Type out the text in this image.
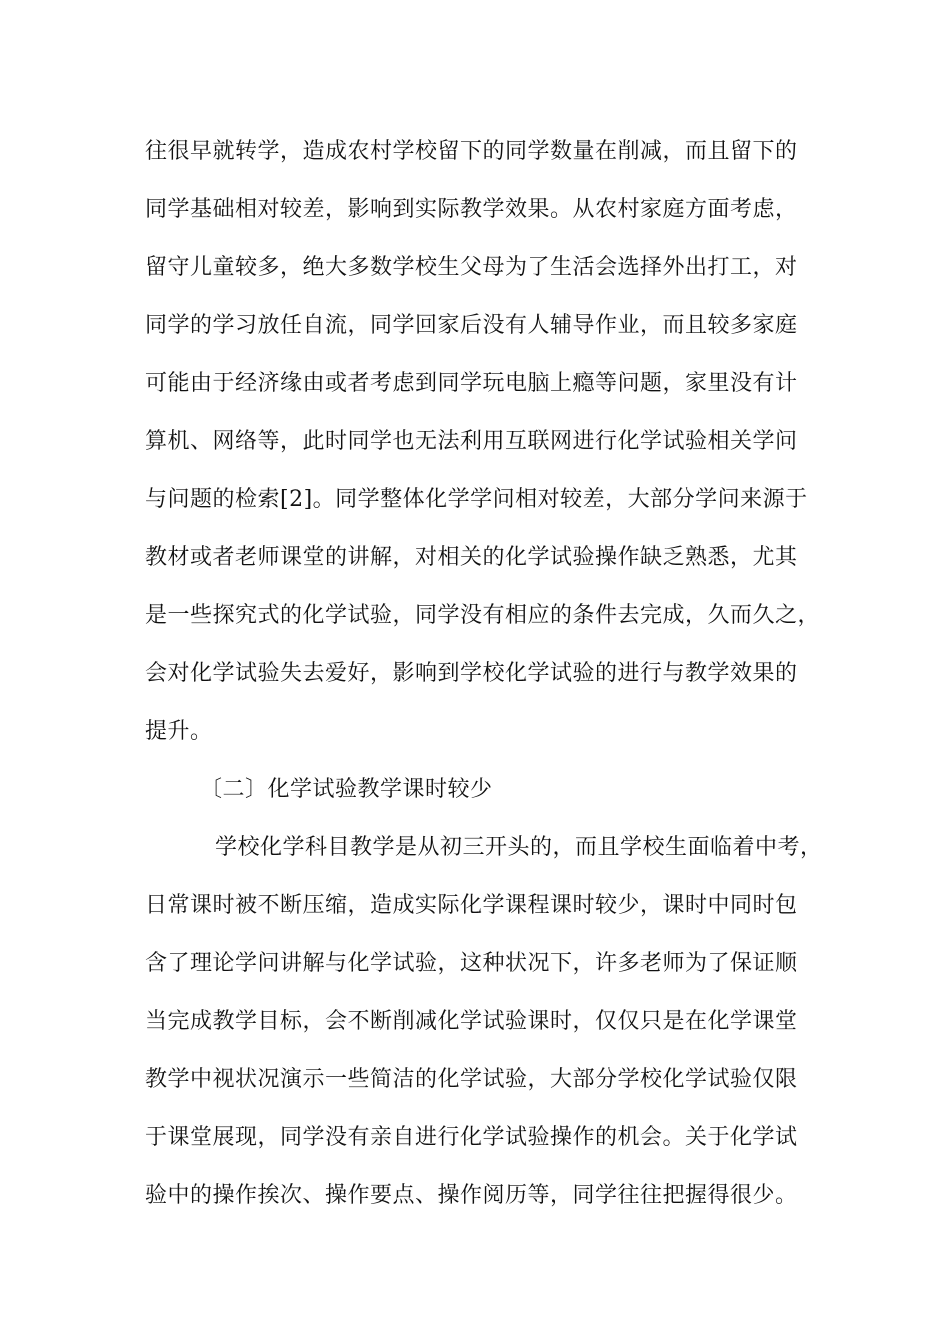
往很早就转学，造成农村学校留下的同学数量在削减，而且留下的
同学基础相对较差，影响到实际教学效果。从农村家庭方面考虑，
留守儿童较多，绝大多数学校生父母为了生活会选择外出打工，对
同学的学习放任自流，同学回家后没有人辅导作业，而且较多家庭
可能由于经济缘由或者考虑到同学玩电脑上瘾等问题，家里没有计
算机、网络等，此时同学也无法利用互联网进行化学试验相关学问
与问题的检索[2]。同学整体化学学问相对较差，大部分学问来源于
教材或者老师课堂的讲解，对相关的化学试验操作缺乏熟悉，尤其
是一些探究式的化学试验，同学没有相应的条件去完成，久而久之，
会对化学试验失去爱好，影响到学校化学试验的进行与教学效果的
提升。
〔二〕化学试验教学课时较少
学校化学科目教学是从初三开头的，而且学校生面临着中考，
日常课时被不断压缩，造成实际化学课程课时较少，课时中同时包
含了理论学问讲解与化学试验，这种状况下，许多老师为了保证顺
当完成教学目标，会不断削减化学试验课时，仅仅只是在化学课堂
教学中视状况演示一些简洁的化学试验，大部分学校化学试验仅限
于课堂展现，同学没有亲自进行化学试验操作的机会。关于化学试
验中的操作挨次、操作要点、操作阅历等，同学往往把握得很少。
